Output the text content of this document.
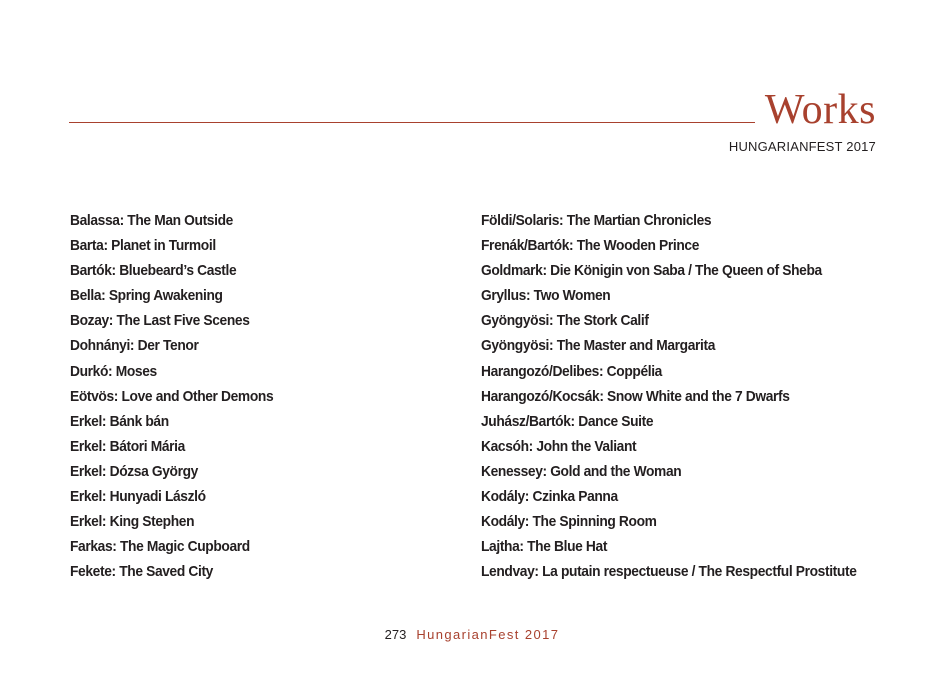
Works
HUNGARIANFEST 2017
Balassa: The Man Outside
Barta: Planet in Turmoil
Bartók: Bluebeard’s Castle
Bella: Spring Awakening
Bozay: The Last Five Scenes
Dohnányi: Der Tenor
Durkó: Moses
Eötvös: Love and Other Demons
Erkel: Bánk bán
Erkel: Bátori Mária
Erkel: Dózsa György
Erkel: Hunyadi László
Erkel: King Stephen
Farkas: The Magic Cupboard
Fekete: The Saved City
Földi/Solaris: The Martian Chronicles
Frenák/Bartók: The Wooden Prince
Goldmark: Die Königin von Saba / The Queen of Sheba
Gryllus: Two Women
Gyöngyösi: The Stork Calif
Gyöngyösi: The Master and Margarita
Harangozó/Delibes: Coppélia
Harangozó/Kocsák: Snow White and the 7 Dwarfs
Juhász/Bartók: Dance Suite
Kacsóh: John the Valiant
Kenessey: Gold and the Woman
Kodály: Czinka Panna
Kodály: The Spinning Room
Lajtha: The Blue Hat
Lendvay: La putain respectueuse / The Respectful Prostitute
273 HungarianFest 2017
